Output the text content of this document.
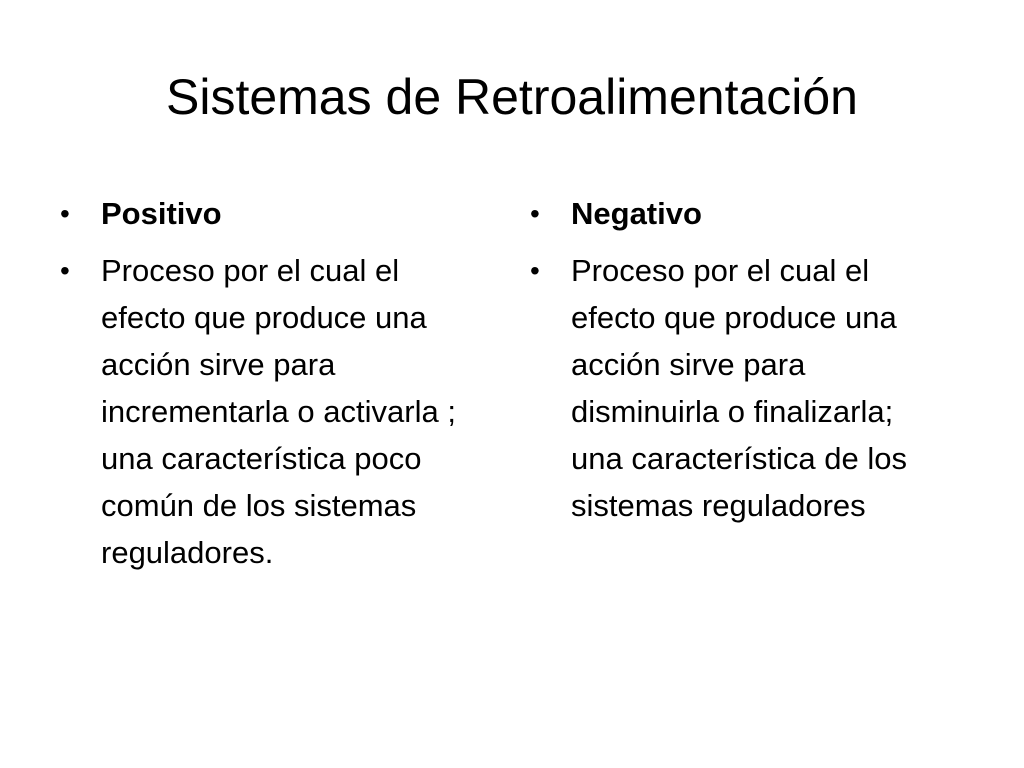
Sistemas de Retroalimentación
• Positivo
• Proceso por el cual el efecto que produce una acción sirve para incrementarla o activarla ; una característica poco común de los sistemas reguladores.
• Negativo
• Proceso por el cual el efecto que produce una acción sirve para disminuirla o finalizarla; una característica de los sistemas reguladores
